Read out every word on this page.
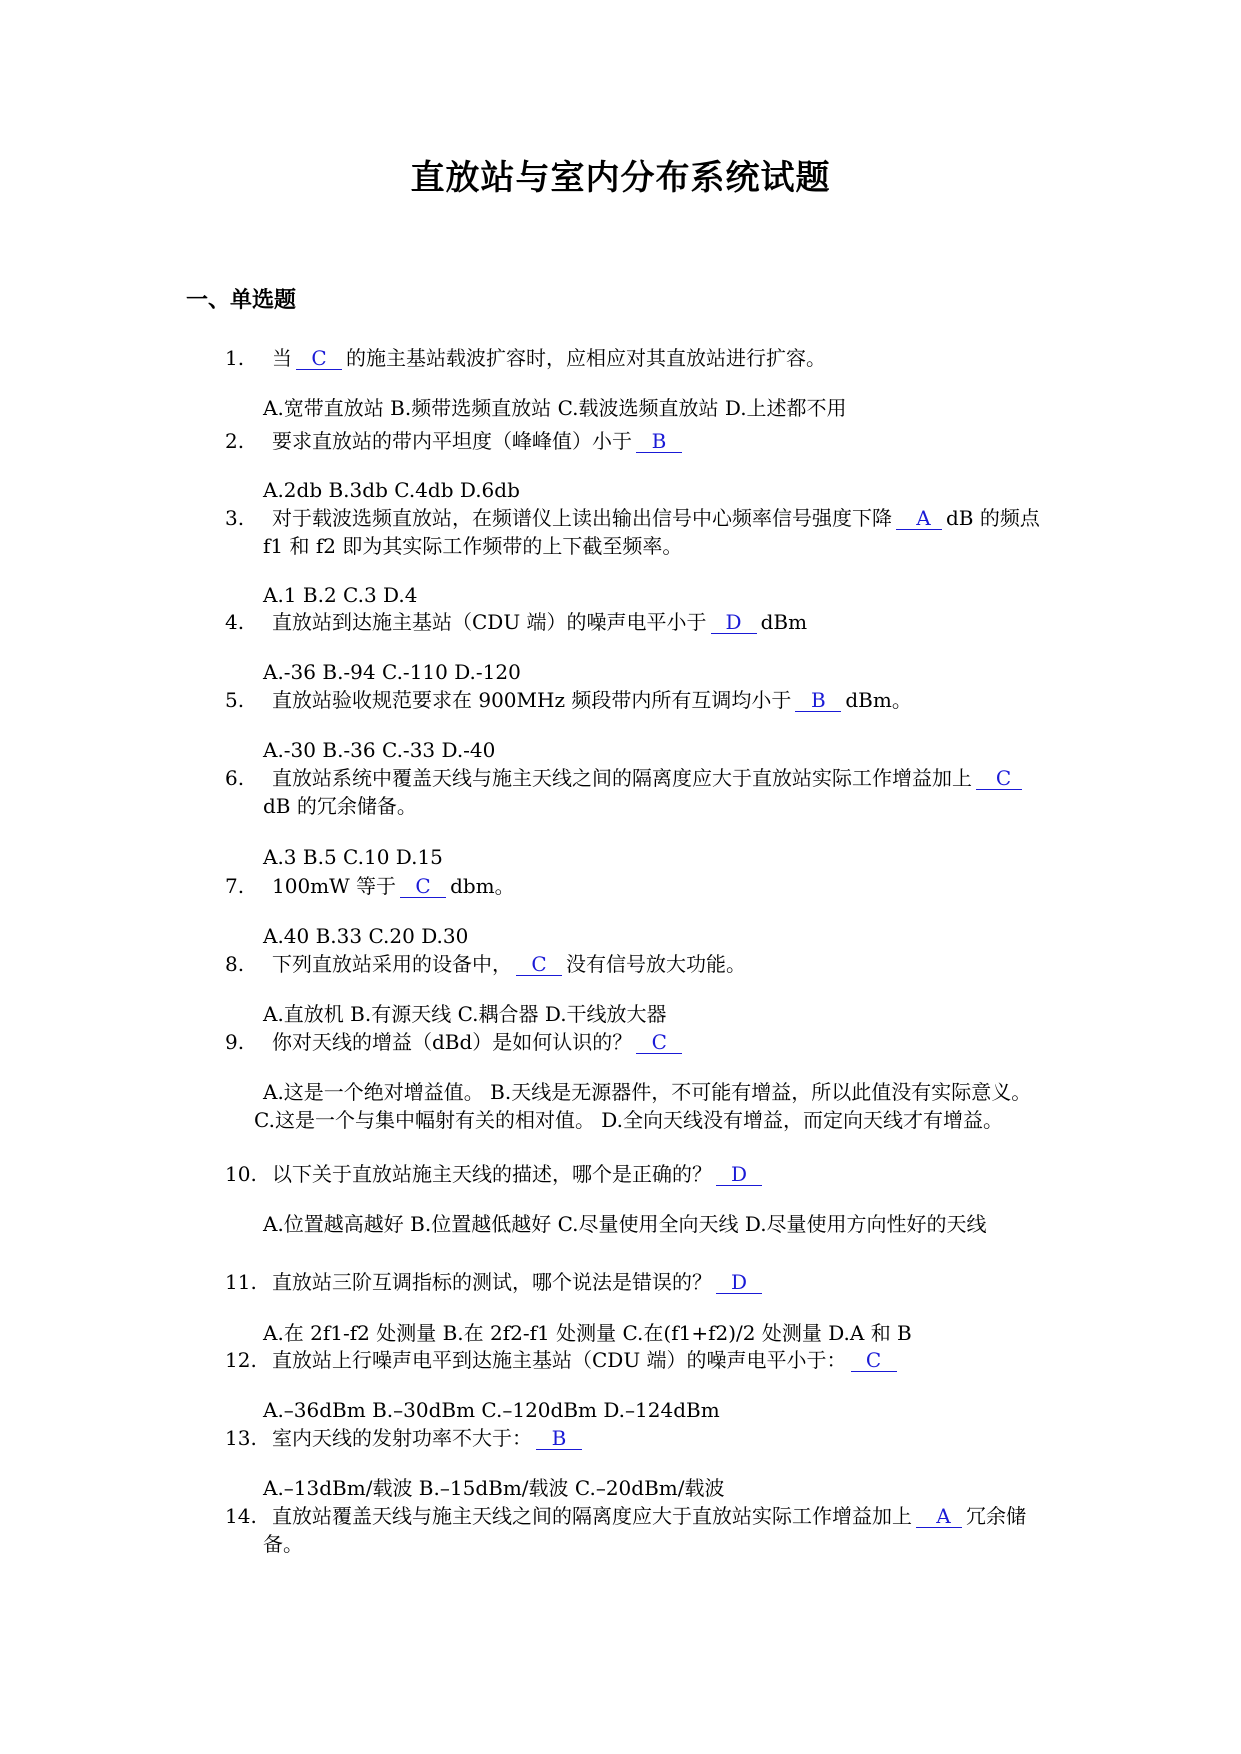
直放站与室内分布系统试题
一、单选题
1. 当 C 的施主基站载波扩容时，应相应对其直放站进行扩容。
A.宽带直放站 B.频带选频直放站 C.载波选频直放站 D.上述都不用
2. 要求直放站的带内平坦度（峰峰值）小于 B
A.2db B.3db C.4db D.6db
3.	对于载波选频直放站，在频谱仪上读出输出信号中心频率信号强度下降 A dB 的频点 f1 和 f2 即为其实际工作频带的上下截至频率。
A.1 B.2 C.3 D.4
4. 直放站到达施主基站（CDU 端）的噪声电平小于 D dBm
A.-36 B.-94 C.-110 D.-120
5. 直放站验收规范要求在 900MHz 频段带内所有互调均小于 B dBm。
A.-30 B.-36 C.-33 D.-40
6.	直放站系统中覆盖天线与施主天线之间的隔离度应大于直放站实际工作增益加上 CdB 的冗余储备。
A.3 B.5 C.10 D.15
7. 100mW 等于 C dbm。
A.40 B.33 C.20 D.30
8. 下列直放站采用的设备中， C 没有信号放大功能。
A.直放机 B.有源天线 C.耦合器 D.干线放大器
9. 你对天线的增益（dBd）是如何认识的？ C
A.这是一个绝对增益值。 B.天线是无源器件，不可能有增益，所以此值没有实际意义。 C.这是一个与集中幅射有关的相对值。 D.全向天线没有增益，而定向天线才有增益。
10. 以下关于直放站施主天线的描述，哪个是正确的？ D
A.位置越高越好 B.位置越低越好 C.尽量使用全向天线 D.尽量使用方向性好的天线
11. 直放站三阶互调指标的测试，哪个说法是错误的？ D
A.在 2f1-f2 处测量 B.在 2f2-f1 处测量 C.在(f1+f2)/2 处测量 D.A 和 B
12. 直放站上行噪声电平到达施主基站（CDU 端）的噪声电平小于： C
A.–36dBm B.–30dBm C.–120dBm D.–124dBm
13. 室内天线的发射功率不大于： B
A.–13dBm/载波 B.–15dBm/载波 C.–20dBm/载波
14. 直放站覆盖天线与施主天线之间的隔离度应大于直放站实际工作增益加上 A 冗余储备。
